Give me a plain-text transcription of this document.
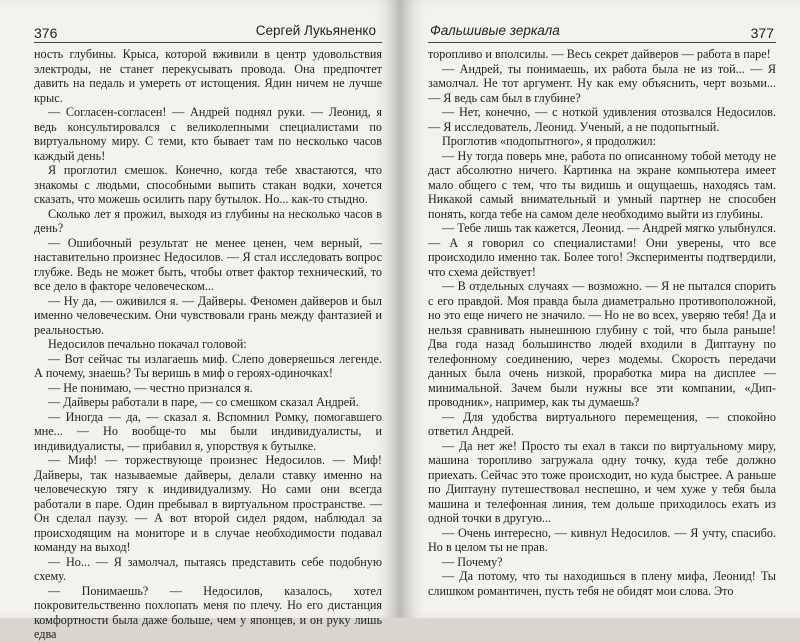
376	Сергей Лукьяненко

ность глубины. Крыса, которой вживили в центр удовольствия электроды, не станет перекусывать провода. Она предпочтет давить на педаль и умереть от истощения. Ядин ничем не лучше крыс.

— Согласен-согласен! — Андрей поднял руки. — Леонид, я ведь консультировался с великолепными специалистами по виртуальному миру. С теми, кто бывает там по несколько часов каждый день!

Я проглотил смешок. Конечно, когда тебе хвастаются, что знакомы с людьми, способными выпить стакан водки, хочется сказать, что можешь осилить пару бутылок. Но... как-то стыдно.

Сколько лет я прожил, выходя из глубины на несколько часов в день?

— Ошибочный результат не менее ценен, чем верный, — наставительно произнес Недосилов. — Я стал исследовать вопрос глубже. Ведь не может быть, чтобы ответ фактор технический, то все дело в факторе человеческом...

— Ну да, — оживился я. — Дайверы. Феномен дайверов и был именно человеческим. Они чувствовали грань между фантазией и реальностью.

Недосилов печально покачал головой:

— Вот сейчас ты излагаешь миф. Слепо доверяешься легенде. А почему, знаешь? Ты веришь в миф о героях-одиночках!

— Не понимаю, — честно признался я.

— Дайверы работали в паре, — со смешком сказал Андрей.

— Иногда — да, — сказал я. Вспомнил Ромку, помогавшего мне... — Но вообще-то мы были индивидуалисты, и индивидуалисты, — прибавил я, упорствуя к бутылке.

— Миф! — торжествующе произнес Недосилов. — Миф! Дайверы, так называемые дайверы, делали ставку именно на человеческую тягу к индивидуализму. Но сами они всегда работали в паре. Один пребывал в виртуальном пространстве. — Он сделал паузу. — А вот второй сидел рядом, наблюдал за происходящим на мониторе и в случае необходимости подавал команду на выход!

— Но... — Я замолчал, пытаясь представить себе подобную схему.

— Понимаешь? — Недосилов, казалось, хотел покровительственно похлопать меня по плечу. Но его дистанция комфортности была даже больше, чем у японцев, и он руку лишь едва

Фальшивые зеркала	377

торопливо и вполсилы. — Весь секрет дайверов — работа в паре!

— Андрей, ты понимаешь, их работа была не из той... — Я замолчал. Не тот аргумент. Ну как ему объяснить, черт возьми... — Я ведь сам был в глубине?

— Нет, конечно, — с ноткой удивления отозвался Недосилов. — Я исследователь, Леонид. Ученый, а не подопытный.

Проглотив «подопытного», я продолжил:

— Ну тогда поверь мне, работа по описанному тобой методу не даст абсолютно ничего. Картинка на экране компьютера имеет мало общего с тем, что ты видишь и ощущаешь, находясь там. Никакой самый внимательный и умный партнер не способен понять, когда тебе на самом деле необходимо выйти из глубины.

— Тебе лишь так кажется, Леонид. — Андрей мягко улыбнулся. — А я говорил со специалистами! Они уверены, что все происходило именно так. Более того! Эксперименты подтвердили, что схема действует!

— В отдельных случаях — возможно. — Я не пытался спорить с его правдой. Моя правда была диаметрально противоположной, но это еще ничего не значило. — Но не во всех, уверяю тебя! Да и нельзя сравнивать нынешнюю глубину с той, что была раньше! Два года назад большинство людей входили в Диптауну по телефонному соединению, через модемы. Скорость передачи данных была очень низкой, проработка мира на дисплее — минимальной. Зачем были нужны все эти компании, «Дип-проводник», например, как ты думаешь?

— Для удобства виртуального перемещения, — спокойно ответил Андрей.

— Да нет же! Просто ты ехал в такси по виртуальному миру, машина торопливо загружала одну точку, куда тебе должно приехать. Сейчас это тоже происходит, но куда быстрее. А раньше по Диптауну путешествовал неспешно, и чем хуже у тебя была машина и телефонная линия, тем дольше приходилось ехать из одной точки в другую...

— Очень интересно, — кивнул Недосилов. — Я учту, спасибо. Но в целом ты не прав.

— Почему?

— Да потому, что ты находишься в плену мифа, Леонид! Ты слишком романтичен, пусть тебя не обидят мои слова. Это
